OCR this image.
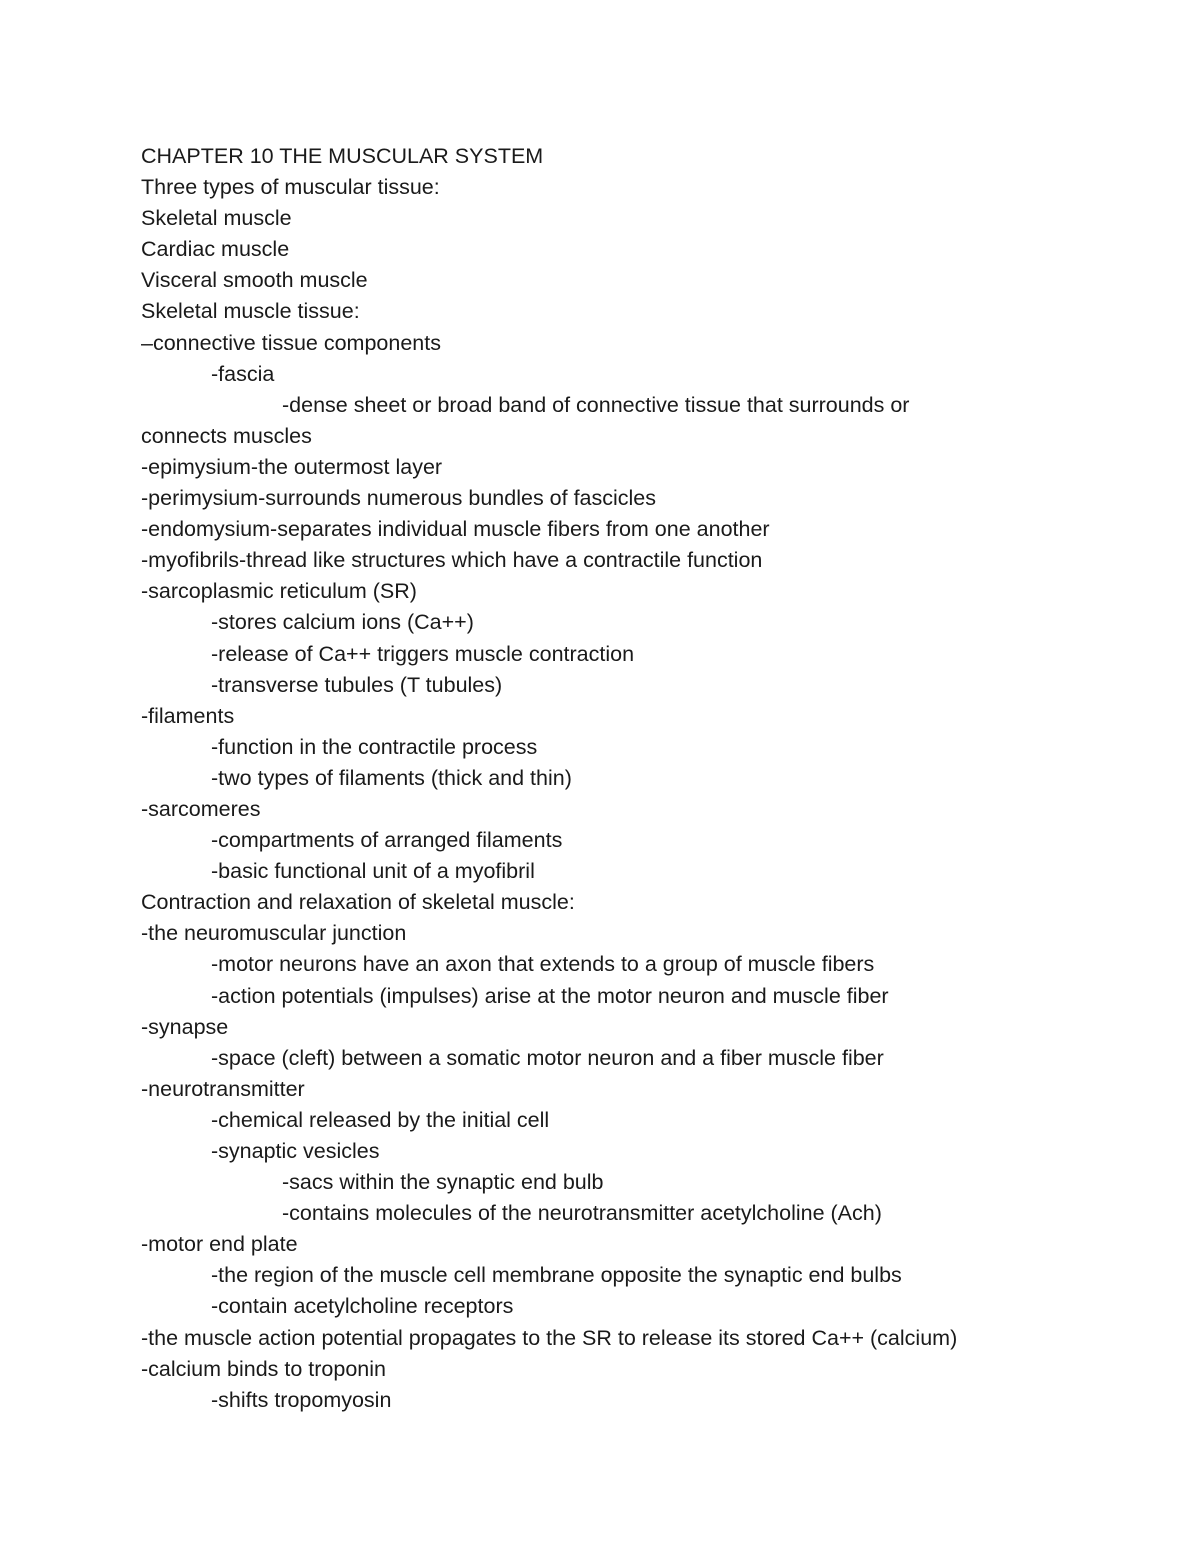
CHAPTER 10 THE MUSCULAR SYSTEM
Three types of muscular tissue:
Skeletal muscle
Cardiac muscle
Visceral smooth muscle
Skeletal muscle tissue:
–connective tissue components
-fascia
-dense sheet or broad band of connective tissue that surrounds or
connects muscles
-epimysium-the outermost layer
-perimysium-surrounds numerous bundles of fascicles
-endomysium-separates individual muscle fibers from one another
-myofibrils-thread like structures which have a contractile function
-sarcoplasmic reticulum (SR)
-stores calcium ions (Ca++)
-release of Ca++ triggers muscle contraction
-transverse tubules (T tubules)
-filaments
-function in the contractile process
-two types of filaments (thick and thin)
-sarcomeres
-compartments of arranged filaments
-basic functional unit of a myofibril
Contraction and relaxation of skeletal muscle:
-the neuromuscular junction
-motor neurons have an axon that extends to a group of muscle fibers
-action potentials (impulses) arise at the motor neuron and muscle fiber
-synapse
-space (cleft) between a somatic motor neuron and a fiber muscle fiber
-neurotransmitter
-chemical released by the initial cell
-synaptic vesicles
-sacs within the synaptic end bulb
-contains molecules of the neurotransmitter acetylcholine (Ach)
-motor end plate
-the region of the muscle cell membrane opposite the synaptic end bulbs
-contain acetylcholine receptors
-the muscle action potential propagates to the SR to release its stored Ca++ (calcium)
-calcium binds to troponin
-shifts tropomyosin
